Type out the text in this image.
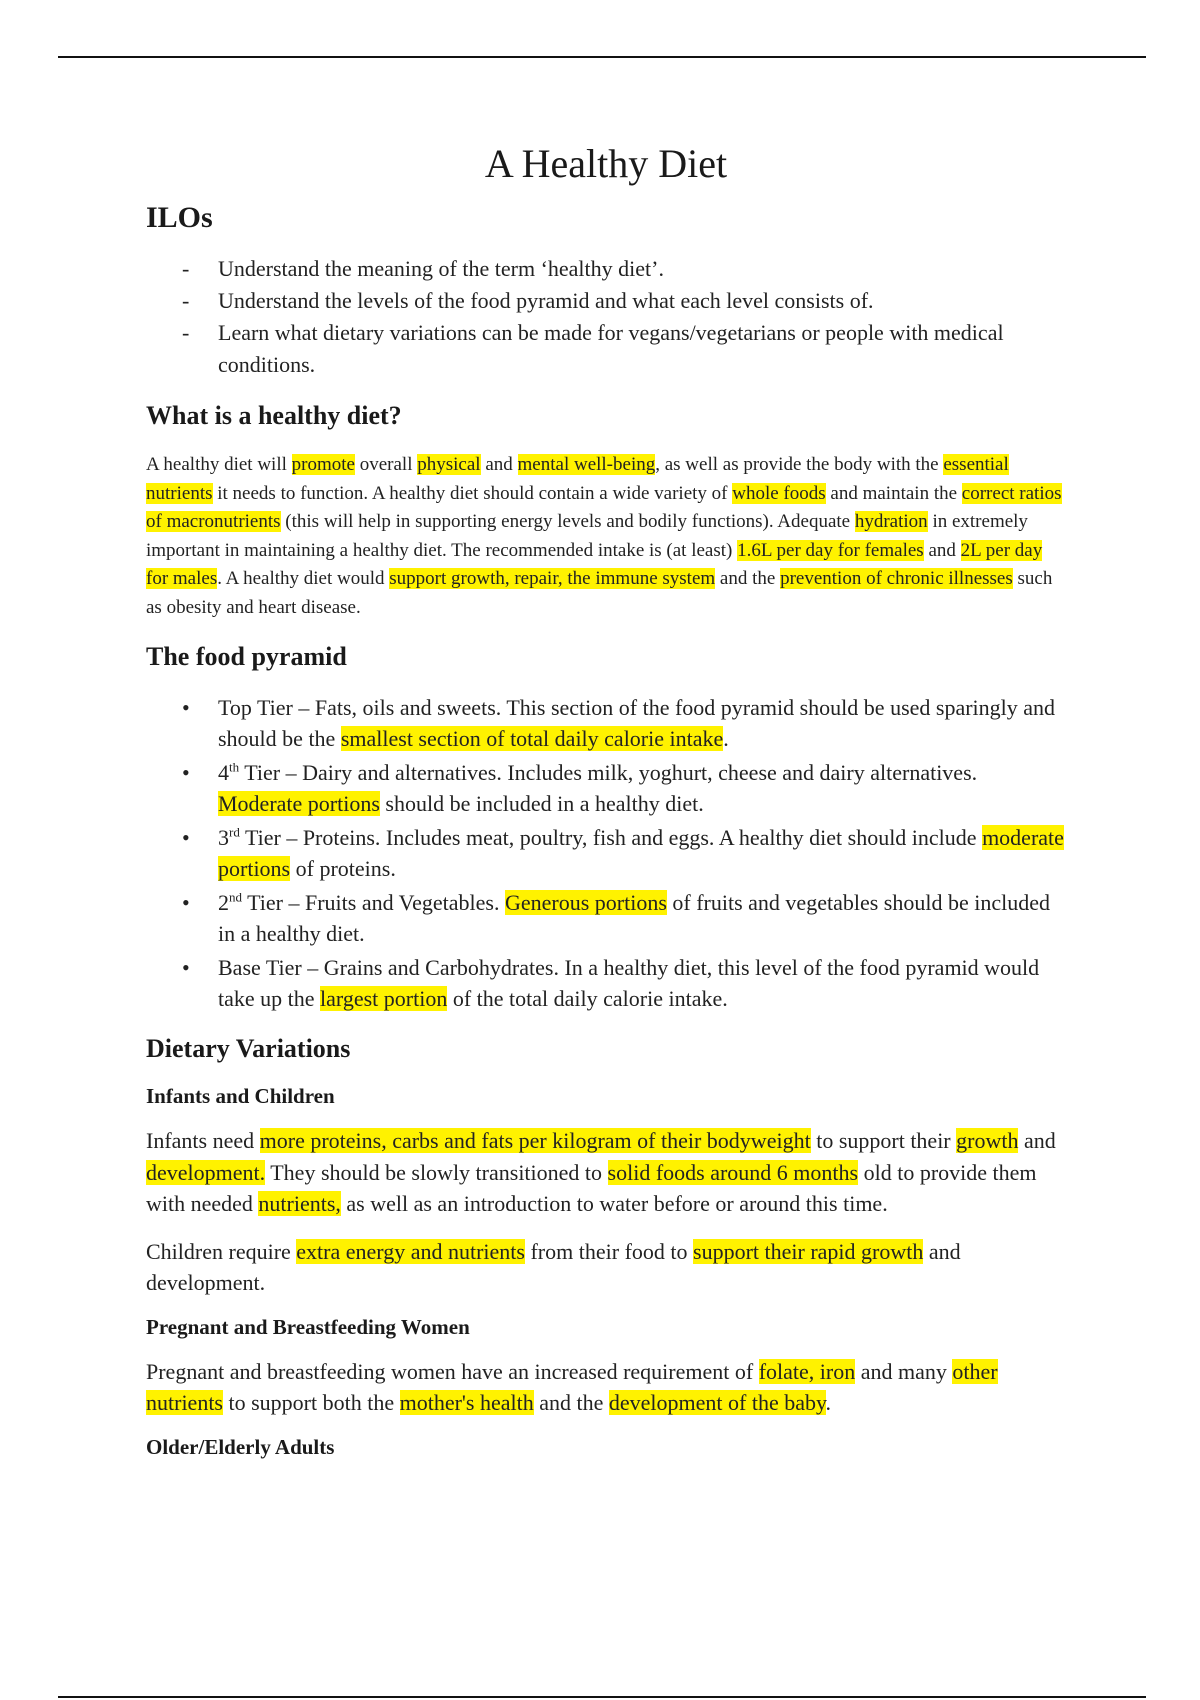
A Healthy Diet
ILOs
- Understand the meaning of the term ‘healthy diet’.
- Understand the levels of the food pyramid and what each level consists of.
- Learn what dietary variations can be made for vegans/vegetarians or people with medical conditions.
What is a healthy diet?

A healthy diet will promote overall physical and mental well-being, as well as provide the body with the essential nutrients it needs to function. A healthy diet should contain a wide variety of whole foods and maintain the correct ratios of macronutrients (this will help in supporting energy levels and bodily functions). Adequate hydration in extremely important in maintaining a healthy diet. The recommended intake is (at least) 1.6L per day for females and 2L per day for males. A healthy diet would support growth, repair, the immune system and the prevention of chronic illnesses such as obesity and heart disease.

The food pyramid
• Top Tier – Fats, oils and sweets. This section of the food pyramid should be used sparingly and should be the smallest section of total daily calorie intake.
• 4th Tier – Dairy and alternatives. Includes milk, yoghurt, cheese and dairy alternatives. Moderate portions should be included in a healthy diet.
• 3rd Tier – Proteins. Includes meat, poultry, fish and eggs. A healthy diet should include moderate portions of proteins.
• 2nd Tier – Fruits and Vegetables. Generous portions of fruits and vegetables should be included in a healthy diet.
• Base Tier – Grains and Carbohydrates. In a healthy diet, this level of the food pyramid would take up the largest portion of the total daily calorie intake.
Dietary Variations
Infants and Children

Infants need more proteins, carbs and fats per kilogram of their bodyweight to support their growth and development. They should be slowly transitioned to solid foods around 6 months old to provide them with needed nutrients, as well as an introduction to water before or around this time.

Children require extra energy and nutrients from their food to support their rapid growth and development.

Pregnant and Breastfeeding Women

Pregnant and breastfeeding women have an increased requirement of folate, iron and many other nutrients to support both the mother's health and the development of the baby.

Older/Elderly Adults
